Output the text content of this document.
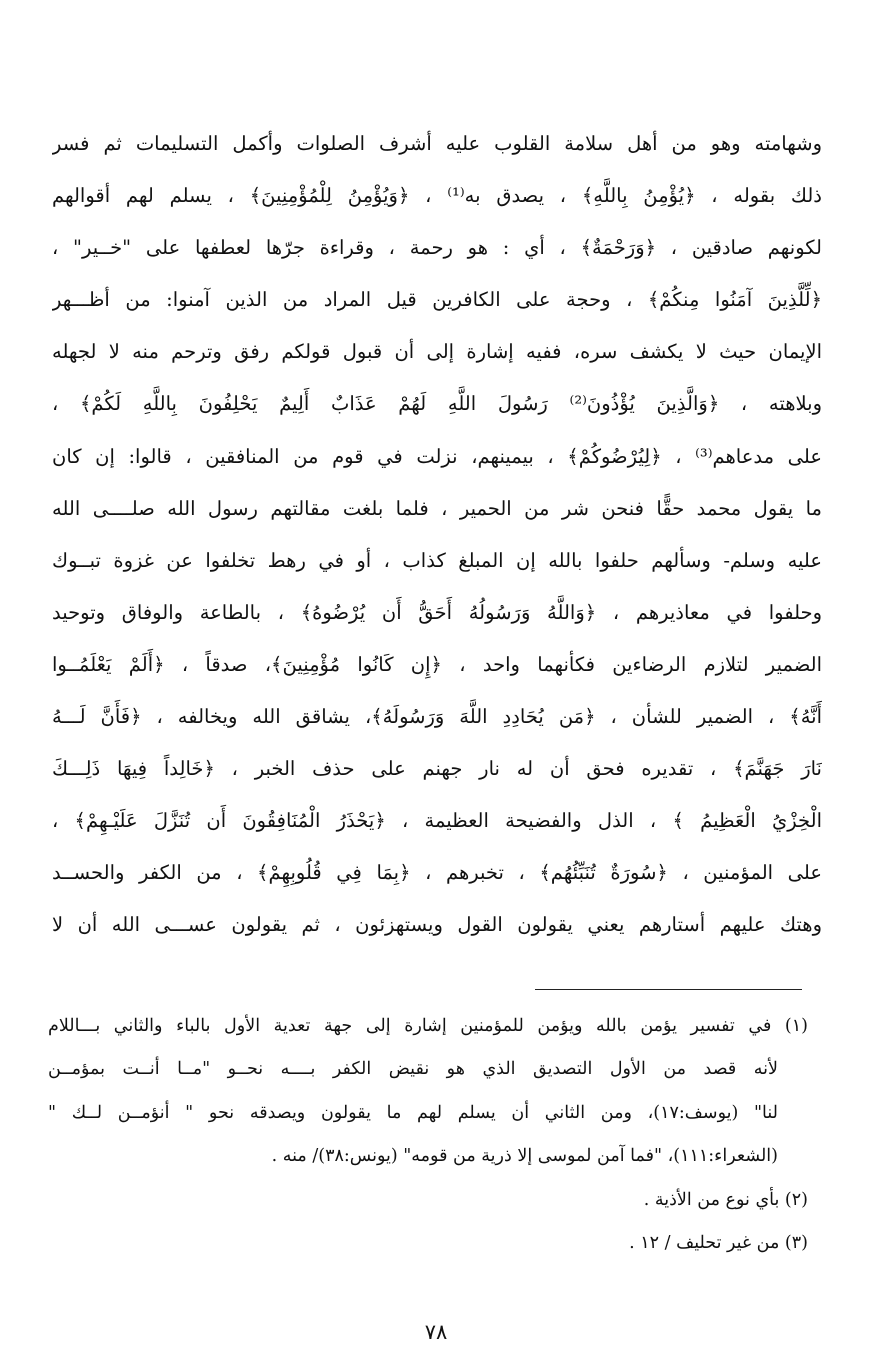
وشهامته وهو من أهل سلامة القلوب عليه أشرف الصلوات وأكمل التسليمات ثم فسر
ذلك بقوله ، ﴿يُؤْمِنُ بِاللَّهِ﴾ ، يصدق به⁽¹⁾ ، ﴿وَيُؤْمِنُ لِلْمُؤْمِنِينَ﴾ ، يسلم لهم أقوالهم
لكونهم صادقين ، ﴿وَرَحْمَةٌ﴾ ، أي : هو رحمة ، وقراءة جرّها لعطفها على "خــير" ،
﴿لِّلَّذِينَ آمَنُوا مِنكُمْ﴾ ، وحجة على الكافرين قيل المراد من الذين آمنوا: من أظـــهر
الإيمان حيث لا يكشف سره، ففيه إشارة إلى أن قبول قولكم رفق وترحم منه لا لجهله
وبلاهته ، ﴿وَالَّذِينَ يُؤْذُونَ⁽²⁾ رَسُولَ اللَّهِ لَهُمْ عَذَابٌ أَلِيمٌ يَحْلِفُونَ بِاللَّهِ لَكُمْ﴾ ،
على مدعاهم⁽³⁾ ، ﴿لِيُرْضُوكُمْ﴾ ، بيمينهم، نزلت في قوم من المنافقين ، قالوا: إن كان
ما يقول محمد حقًّا فنحن شر من الحمير ، فلما بلغت مقالتهم رسول الله صلــــى الله
عليه وسلم- وسألهم حلفوا بالله إن المبلغ كذاب ، أو في رهط تخلفوا عن غزوة تبــوك
وحلفوا في معاذيرهم ، ﴿وَاللَّهُ وَرَسُولُهُ أَحَقُّ أَن يُرْضُوهُ﴾ ، بالطاعة والوفاق وتوحيد
الضمير لتلازم الرضاءين فكأنهما واحد ، ﴿إِن كَانُوا مُؤْمِنِينَ﴾، صدقاً ، ﴿أَلَمْ يَعْلَمُــوا
أَنَّهُ﴾ ، الضمير للشأن ، ﴿مَن يُحَادِدِ اللَّهَ وَرَسُولَهُ﴾، يشاقق الله ويخالفه ، ﴿فَأَنَّ لَـــهُ
نَارَ جَهَنَّمَ﴾ ، تقديره فحق أن له نار جهنم على حذف الخبر ، ﴿خَالِداً فِيهَا ذَلِـــكَ
الْخِزْيُ الْعَظِيمُ ﴾ ، الذل والفضيحة العظيمة ، ﴿يَحْذَرُ الْمُنَافِقُونَ أَن تُنَزَّلَ عَلَيْـهِمْ﴾ ،
على المؤمنين ، ﴿سُورَةٌ تُنَبِّئُهُم﴾ ، تخبرهم ، ﴿بِمَا فِي قُلُوبِهِمْ﴾ ، من الكفر والحســد
وهتك عليهم أستارهم يعني يقولون القول ويستهزئون ، ثم يقولون عســـى الله أن لا
(١) في تفسير يؤمن بالله ويؤمن للمؤمنين إشارة إلى جهة تعدية الأول بالباء والثاني بـــاللام
لأنه قصد من الأول التصديق الذي هو نقيض الكفر بــــه نحــو "مــا أنــت بمؤمــن
لنا" (يوسف:١٧)، ومن الثاني أن يسلم لهم ما يقولون ويصدقه نحو " أنؤمــن لــك "
(الشعراء:١١١)، "فما آمن لموسى إلا ذرية من قومه" (يونس:٣٨)/ منه .
(٢) بأي نوع من الأذية .
(٣) من غير تحليف / ١٢ .
٧٨
